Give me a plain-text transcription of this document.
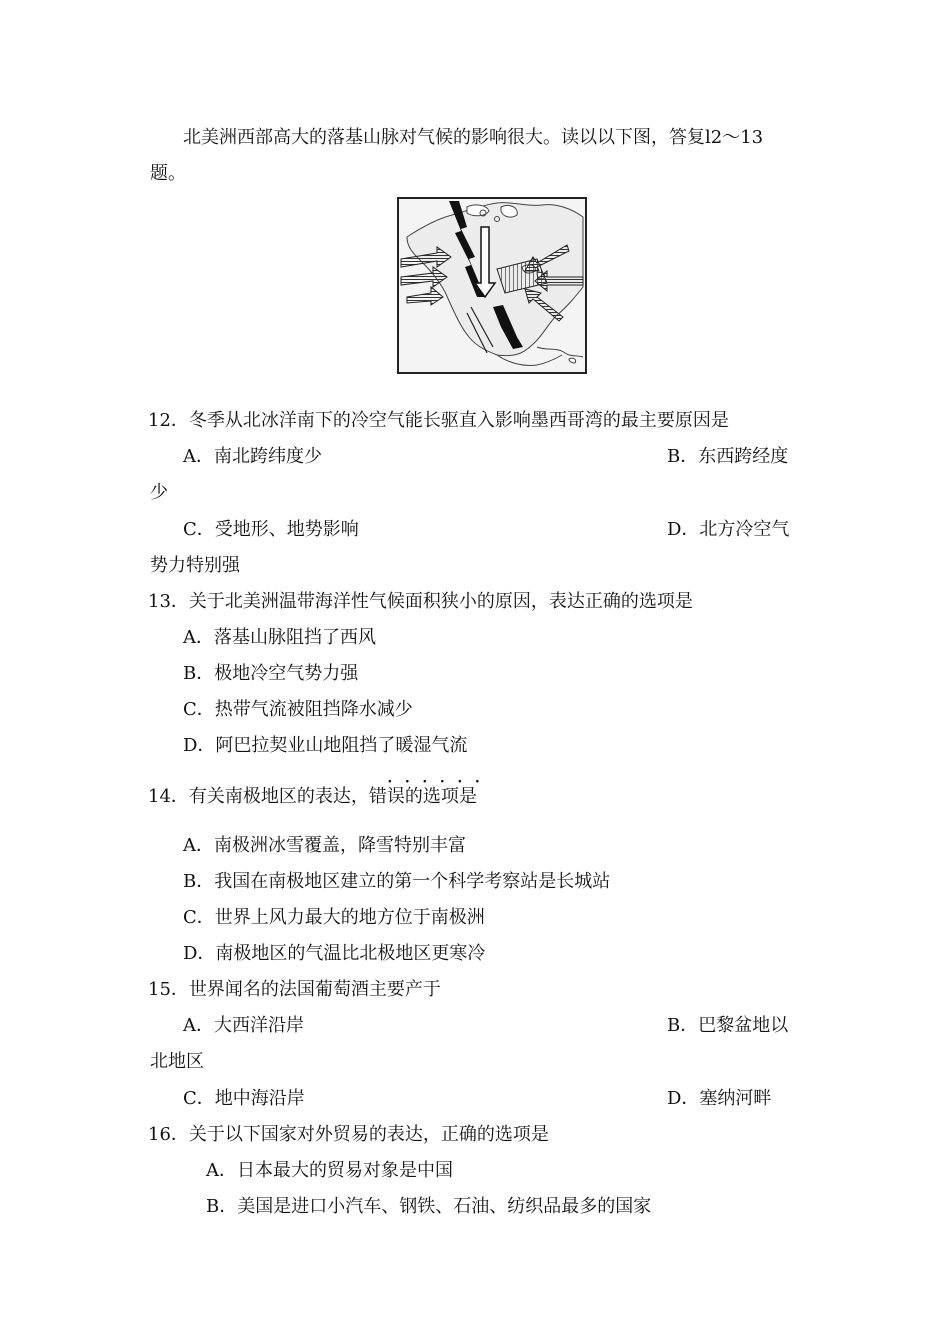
北美洲西部高大的落基山脉对气候的影响很大。读以以下图，答复l2～13
题。
12．冬季从北冰洋南下的冷空气能长驱直入影响墨西哥湾的最主要原因是
A．南北跨纬度少	B．东西跨经度
少
C．受地形、地势影响	D．北方冷空气
势力特别强
13．关于北美洲温带海洋性气候面积狭小的原因，表达正确的选项是
A．落基山脉阻挡了西风
B．极地冷空气势力强
C．热带气流被阻挡降水减少
D．阿巴拉契业山地阻挡了暖湿气流
· · · · · ·
14．有关南极地区的表达，错误的选项是
A．南极洲冰雪覆盖，降雪特别丰富
B．我国在南极地区建立的第一个科学考察站是长城站
C．世界上风力最大的地方位于南极洲
D．南极地区的气温比北极地区更寒冷
15．世界闻名的法国葡萄酒主要产于
A．大西洋沿岸	B．巴黎盆地以
北地区
C．地中海沿岸	D．塞纳河畔
16．关于以下国家对外贸易的表达，正确的选项是
A．日本最大的贸易对象是中国
B．美国是进口小汽车、钢铁、石油、纺织品最多的国家
